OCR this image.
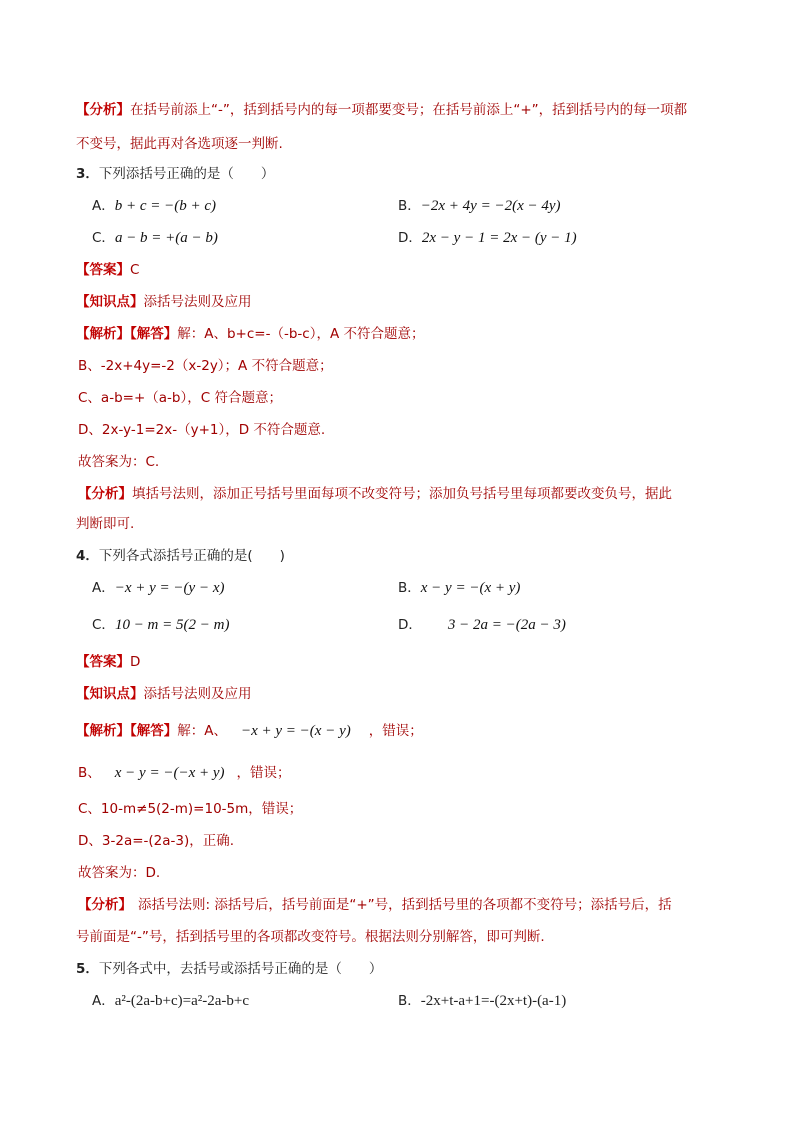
【分析】在括号前添上“-”，括到括号内的每一项都要变号；在括号前添上“+”，括到括号内的每一项都
不变号，据此再对各选项逐一判断.
3．下列添括号正确的是（　　）
A．b + c = −(b + c)	B．−2x + 4y = −2(x − 4y)
C．a − b = +(a − b)	D．2x − y − 1 = 2x − (y − 1)
【答案】C
【知识点】添括号法则及应用
【解析】【解答】解：A、b+c=-（-b-c），A 不符合题意；
B、-2x+4y=-2（x-2y）；A 不符合题意；
C、a-b=+（a-b），C 符合题意；
D、2x-y-1=2x-（y+1），D 不符合题意.
故答案为：C.
【分析】填括号法则，添加正号括号里面每项不改变符号；添加负号括号里每项都要改变负号，据此
判断即可.
4．下列各式添括号正确的是(　　)
A．−x + y = −(y − x)	B．x − y = −(x + y)
C．10 − m = 5(2 − m)	D． 3 − 2a = −(2a − 3)
【答案】D
【知识点】添括号法则及应用
【解析】【解答】解：A、 −x + y = −(x − y) ，错误；
B、 x − y = −(−x + y) ，错误；
C、10-m≠5(2-m)=10-5m，错误；
D、3-2a=-(2a-3)，正确.
故答案为：D.
【分析】 添括号法则: 添括号后，括号前面是“+”号，括到括号里的各项都不变符号；添括号后，括
号前面是“-”号，括到括号里的各项都改变符号。根据法则分别解答，即可判断.
5．下列各式中，去括号或添括号正确的是（　　）
A．a²-(2a-b+c)=a²-2a-b+c	B．-2x+t-a+1=-(2x+t)-(a-1)
